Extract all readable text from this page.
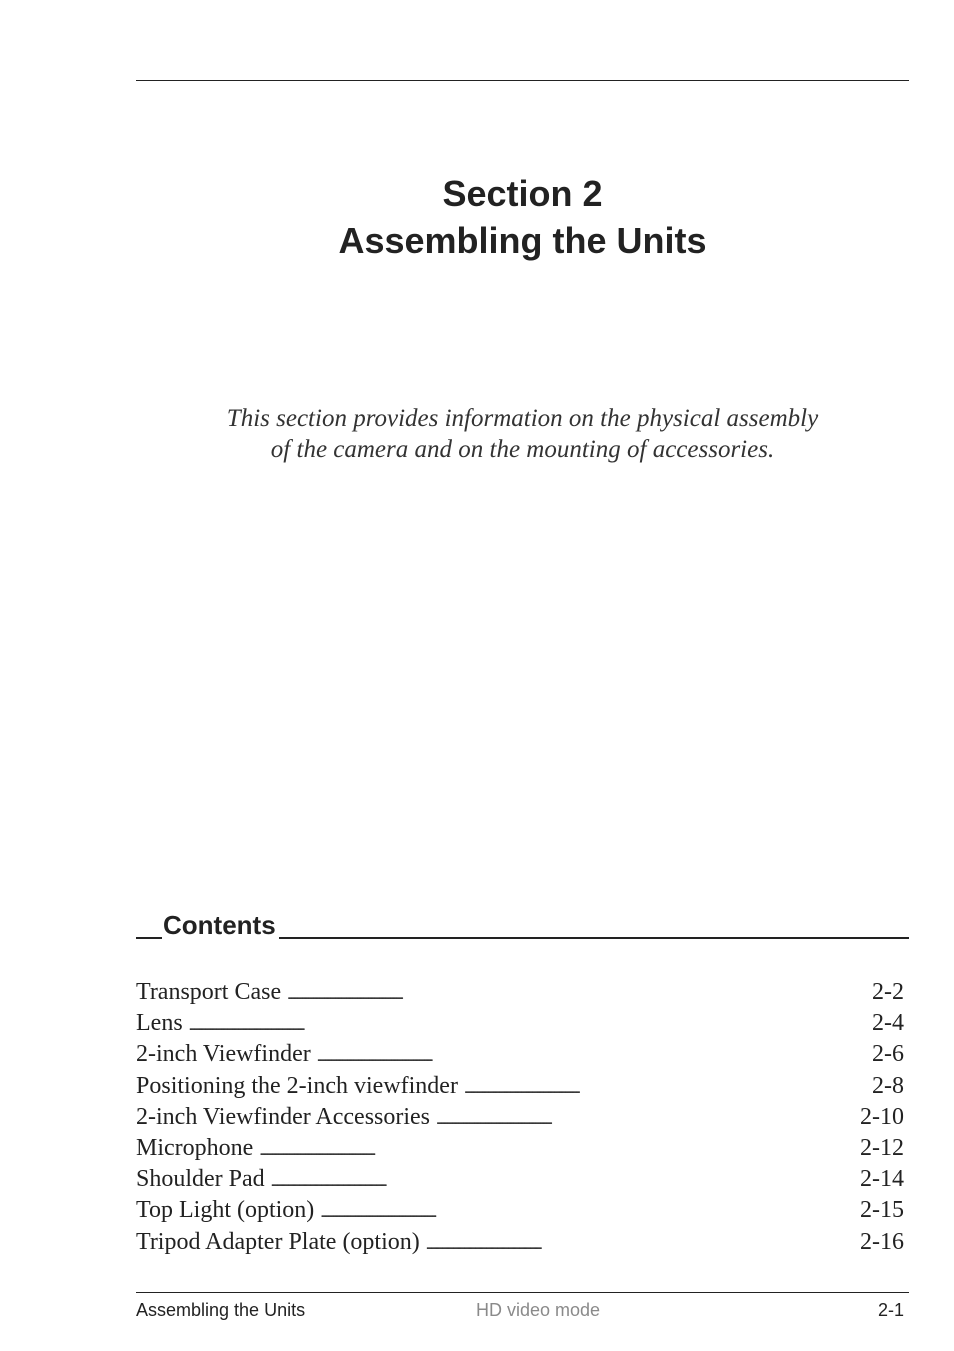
Section 2
Assembling the Units
This section provides information on the physical assembly
of the camera and on the mounting of accessories.
Contents
Transport Case . . .	2-2
Lens . . .	2-4
2-inch Viewfinder . . .	2-6
Positioning the 2-inch viewfinder . . .	2-8
2-inch Viewfinder Accessories . . .	2-10
Microphone . . .	2-12
Shoulder Pad . . .	2-14
Top Light (option) . . .	2-15
Tripod Adapter Plate (option) . . .	2-16
Assembling the Units	HD video mode	2-1
